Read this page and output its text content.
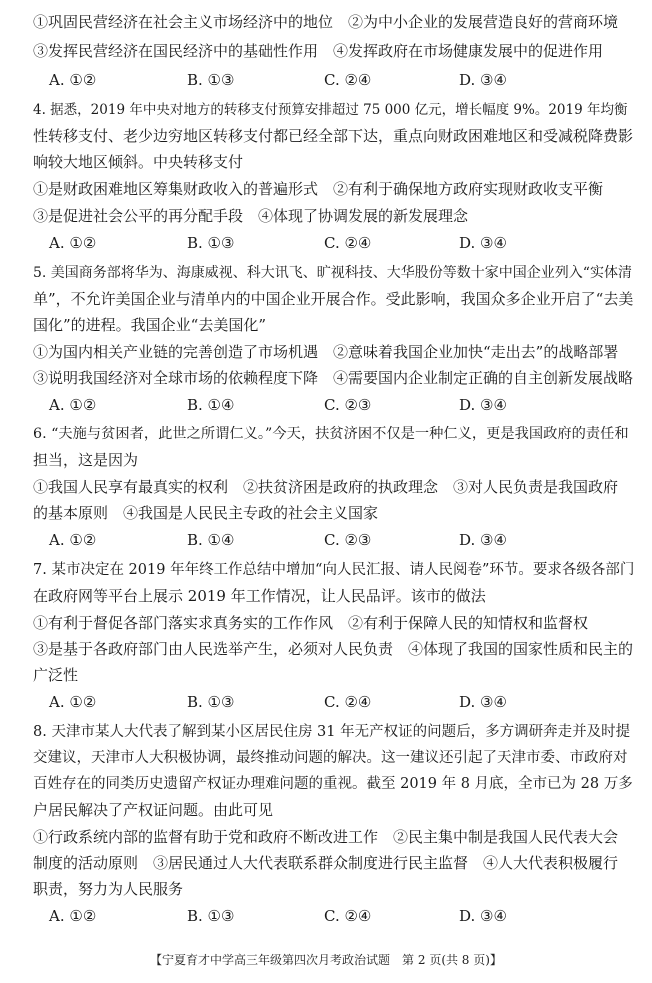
①巩固民营经济在社会主义市场经济中的地位　②为中小企业的发展营造良好的营商环境
③发挥民营经济在国民经济中的基础性作用　④发挥政府在市场健康发展中的促进作用
A. ①②	B. ①③	C. ②④	D. ③④
4. 据悉，2019 年中央对地方的转移支付预算安排超过 75 000 亿元，增长幅度 9%。2019 年均衡
性转移支付、老少边穷地区转移支付都已经全部下达，重点向财政困难地区和受减税降费影
响较大地区倾斜。中央转移支付
①是财政困难地区筹集财政收入的普遍形式　②有利于确保地方政府实现财政收支平衡
③是促进社会公平的再分配手段　④体现了协调发展的新发展理念
A. ①②	B. ①③	C. ②④	D. ③④
5. 美国商务部将华为、海康威视、科大讯飞、旷视科技、大华股份等数十家中国企业列入“实体清
单”，不允许美国企业与清单内的中国企业开展合作。受此影响，我国众多企业开启了“去美
国化”的进程。我国企业“去美国化”
①为国内相关产业链的完善创造了市场机遇　②意味着我国企业加快“走出去”的战略部署
③说明我国经济对全球市场的依赖程度下降　④需要国内企业制定正确的自主创新发展战略
A. ①②	B. ①④	C. ②③	D. ③④
6. “夫施与贫困者，此世之所谓仁义。”今天，扶贫济困不仅是一种仁义，更是我国政府的责任和
担当，这是因为
①我国人民享有最真实的权利　②扶贫济困是政府的执政理念　③对人民负责是我国政府
的基本原则　④我国是人民民主专政的社会主义国家
A. ①②	B. ①④	C. ②③	D. ③④
7. 某市决定在 2019 年年终工作总结中增加“向人民汇报、请人民阅卷”环节。要求各级各部门
在政府网等平台上展示 2019 年工作情况，让人民品评。该市的做法
①有利于督促各部门落实求真务实的工作作风　②有利于保障人民的知情权和监督权
③是基于各政府部门由人民选举产生，必须对人民负责　④体现了我国的国家性质和民主的
广泛性
A. ①②	B. ①③	C. ②④	D. ③④
8. 天津市某人大代表了解到某小区居民住房 31 年无产权证的问题后，多方调研奔走并及时提
交建议，天津市人大积极协调，最终推动问题的解决。这一建议还引起了天津市委、市政府对
百姓存在的同类历史遗留产权证办理难问题的重视。截至 2019 年 8 月底，全市已为 28 万多
户居民解决了产权证问题。由此可见
①行政系统内部的监督有助于党和政府不断改进工作　②民主集中制是我国人民代表大会
制度的活动原则　③居民通过人大代表联系群众制度进行民主监督　④人大代表积极履行
职责，努力为人民服务
A. ①②	B. ①③	C. ②④	D. ③④
【宁夏育才中学高三年级第四次月考政治试题　第 2 页(共 8 页)】
